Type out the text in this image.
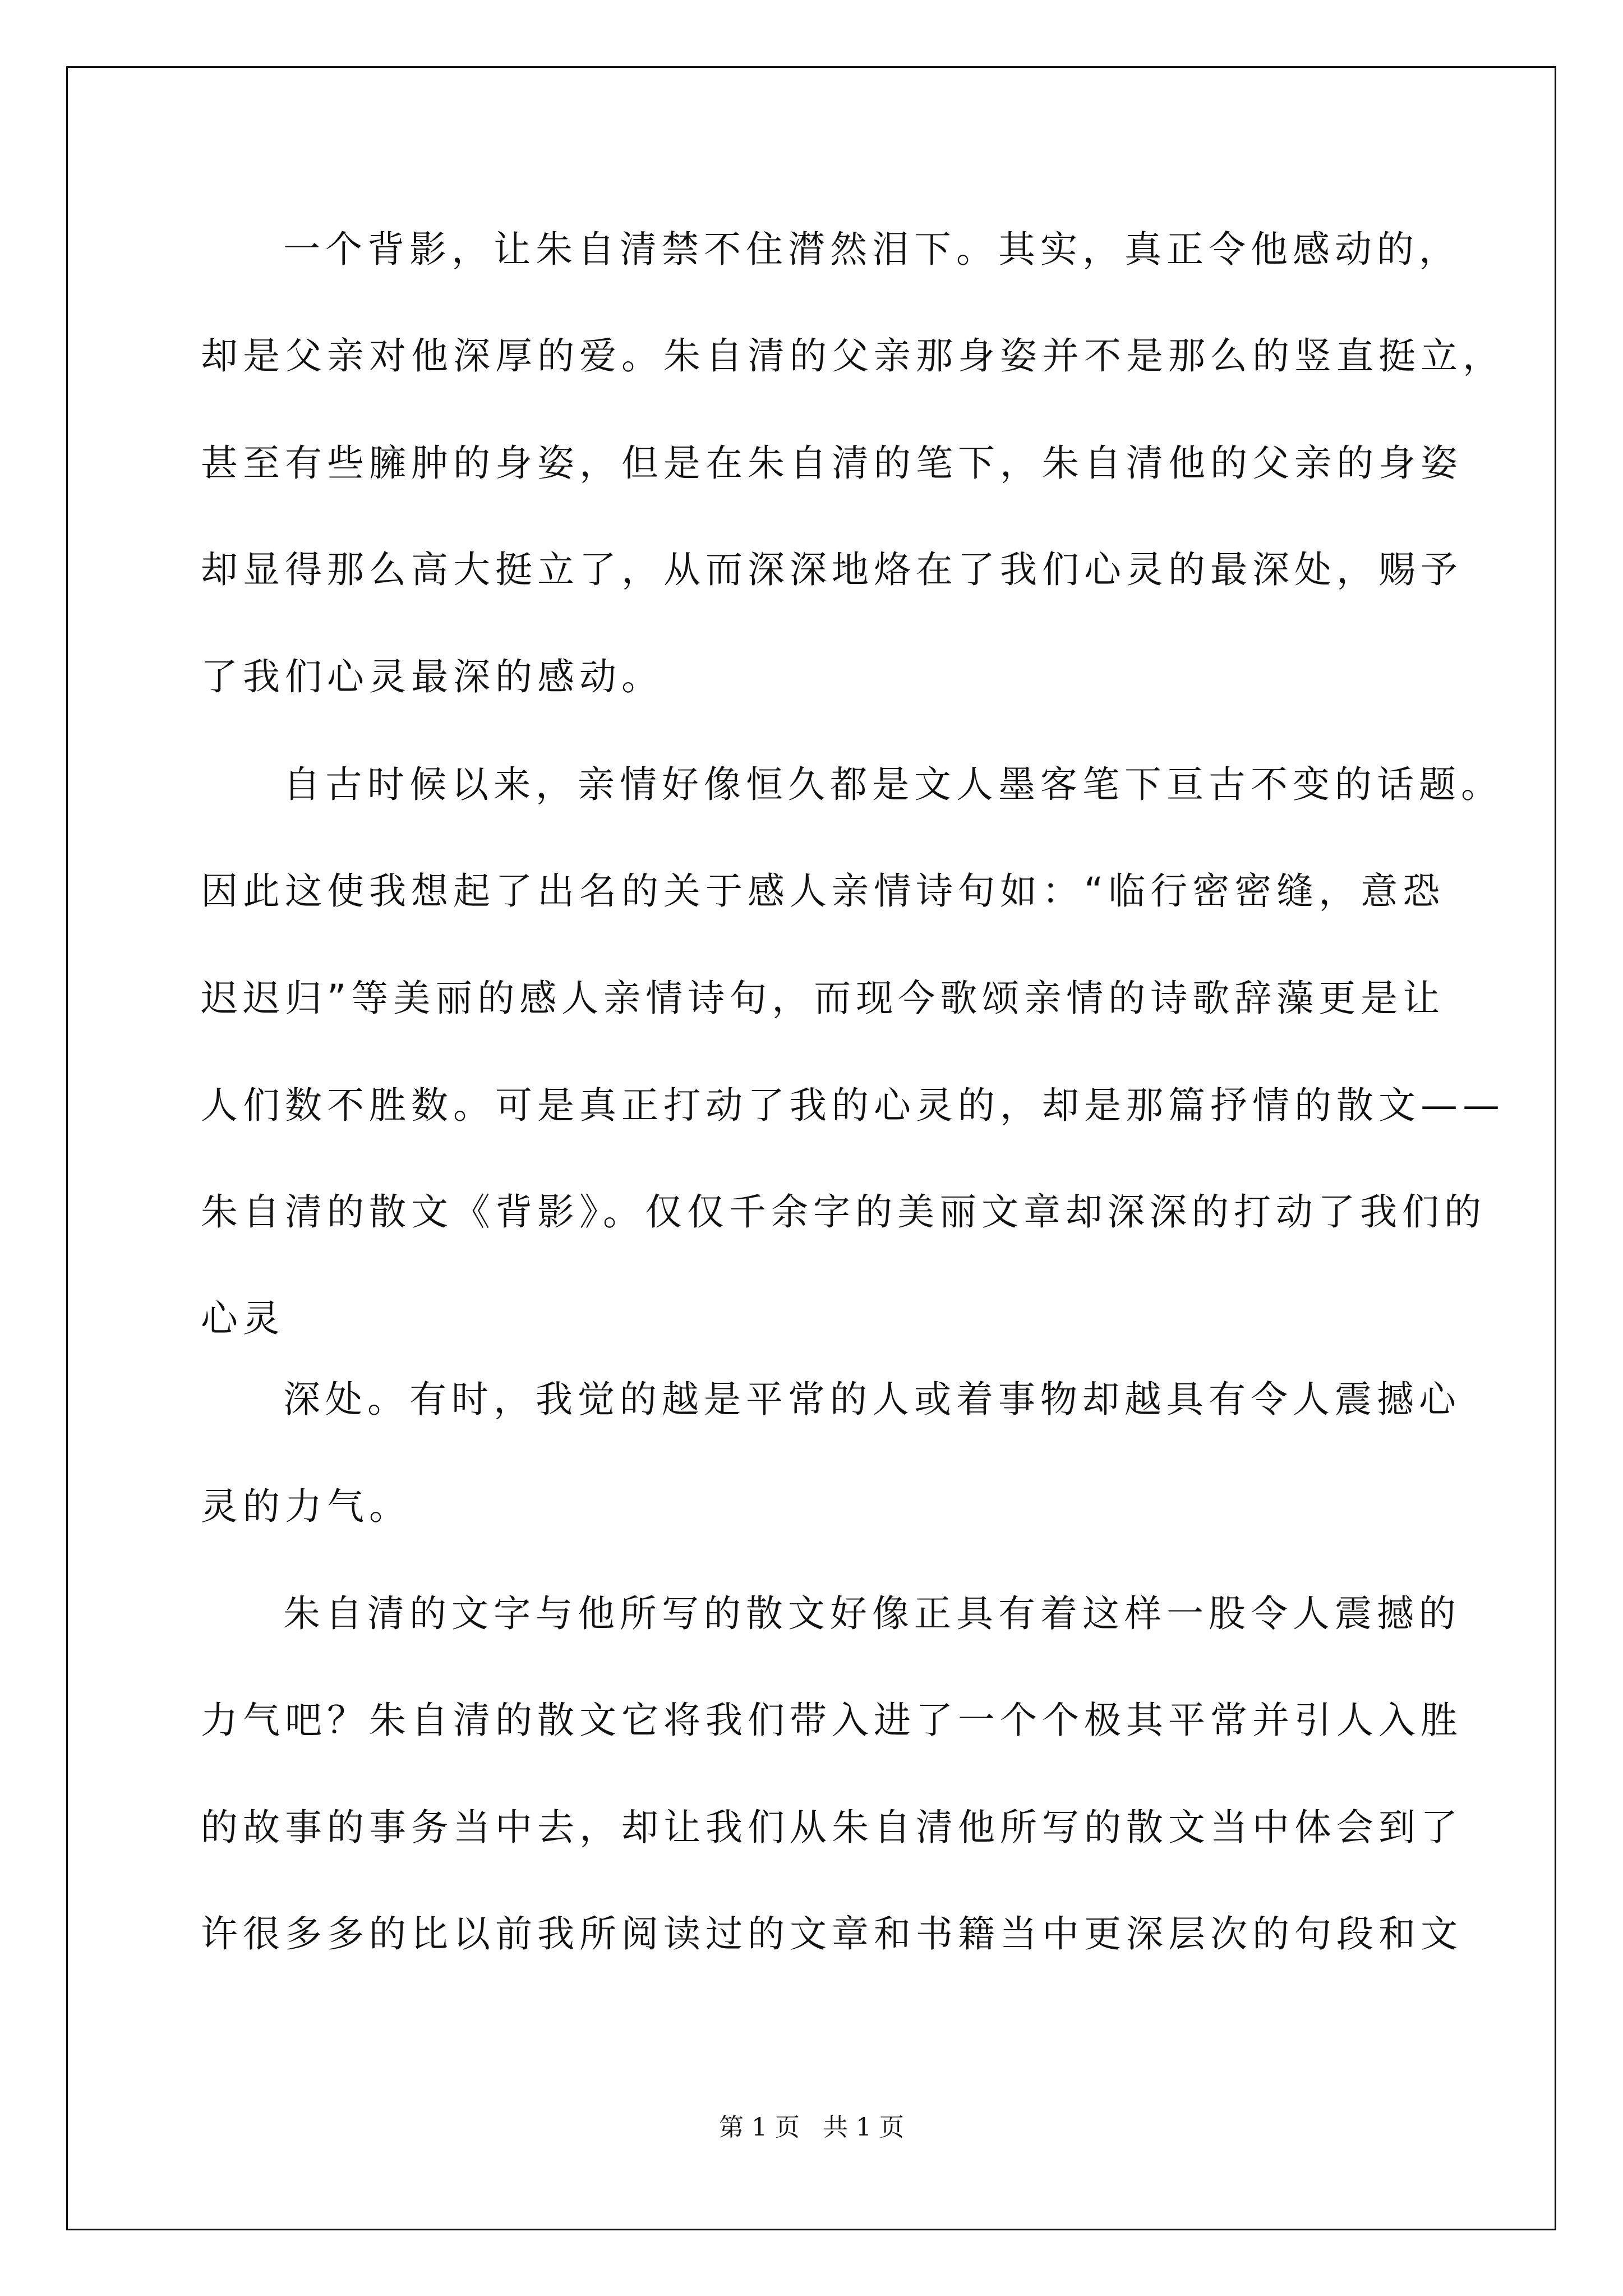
一个背影，让朱自清禁不住潸然泪下。其实，真正令他感动的，

却是父亲对他深厚的爱。朱自清的父亲那身姿并不是那么的竖直挺立，

甚至有些臃肿的身姿，但是在朱自清的笔下，朱自清他的父亲的身姿

却显得那么高大挺立了，从而深深地烙在了我们心灵的最深处，赐予

了我们心灵最深的感动。

自古时候以来，亲情好像恒久都是文人墨客笔下亘古不变的话题。

因此这使我想起了出名的关于感人亲情诗句如：“临行密密缝，意恐

迟迟归”等美丽的感人亲情诗句，而现今歌颂亲情的诗歌辞藻更是让

人们数不胜数。可是真正打动了我的心灵的，却是那篇抒情的散文——

朱自清的散文《背影》。仅仅千余字的美丽文章却深深的打动了我们的

心灵

深处。有时，我觉的越是平常的人或着事物却越具有令人震撼心

灵的力气。

朱自清的文字与他所写的散文好像正具有着这样一股令人震撼的

力气吧？朱自清的散文它将我们带入进了一个个极其平常并引人入胜

的故事的事务当中去，却让我们从朱自清他所写的散文当中体会到了

许很多多的比以前我所阅读过的文章和书籍当中更深层次的句段和文

第 1 页   共 1 页
